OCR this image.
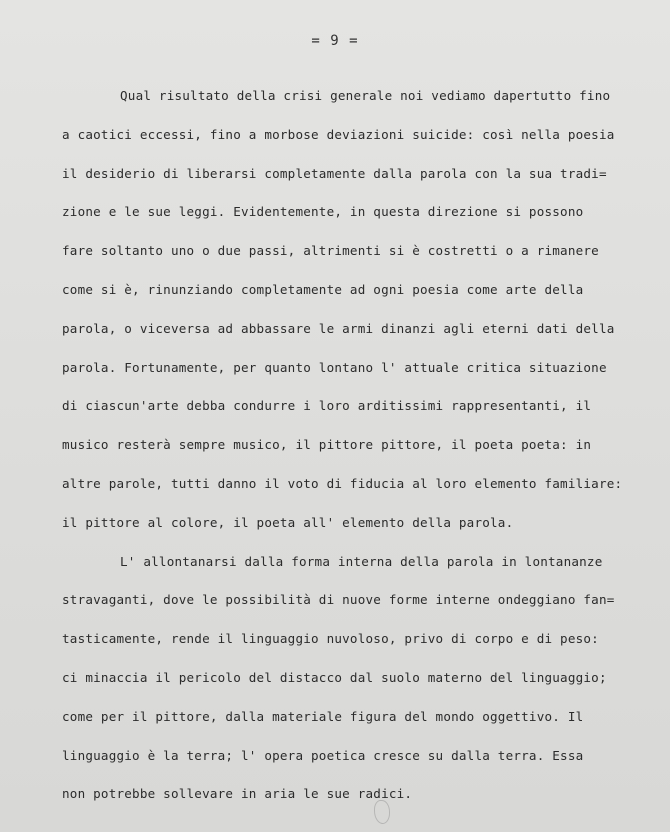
= 9 =
Qual risultato della crisi generale noi vediamo dapertutto fino
a caotici eccessi, fino a morbose deviazioni suicide: così nella poesia
il desiderio di liberarsi completamente dalla parola con la sua tradi=
zione e le sue leggi. Evidentemente, in questa direzione si possono
fare soltanto uno o due passi, altrimenti si è costretti o a rimanere
come si è, rinunziando completamente ad ogni poesia come arte della
parola, o viceversa ad abbassare le armi dinanzi agli eterni dati della
parola. Fortunamente, per quanto lontano l' attuale critica situazione
di ciascun'arte debba condurre i loro arditissimi rappresentanti, il
musico resterà sempre musico, il pittore pittore, il poeta poeta: in
altre parole, tutti danno il voto di fiducia al loro elemento familiare:
il pittore al colore, il poeta all' elemento della parola.
L' allontanarsi dalla forma interna della parola in lontananze
stravaganti, dove le possibilità di nuove forme interne ondeggiano fan=
tasticamente, rende il linguaggio nuvoloso, privo di corpo e di peso:
ci minaccia il pericolo del distacco dal suolo materno del linguaggio;
come per il pittore, dalla materiale figura del mondo oggettivo. Il
linguaggio è la terra; l' opera poetica cresce su dalla terra. Essa
non potrebbe sollevare in aria le sue radici.
